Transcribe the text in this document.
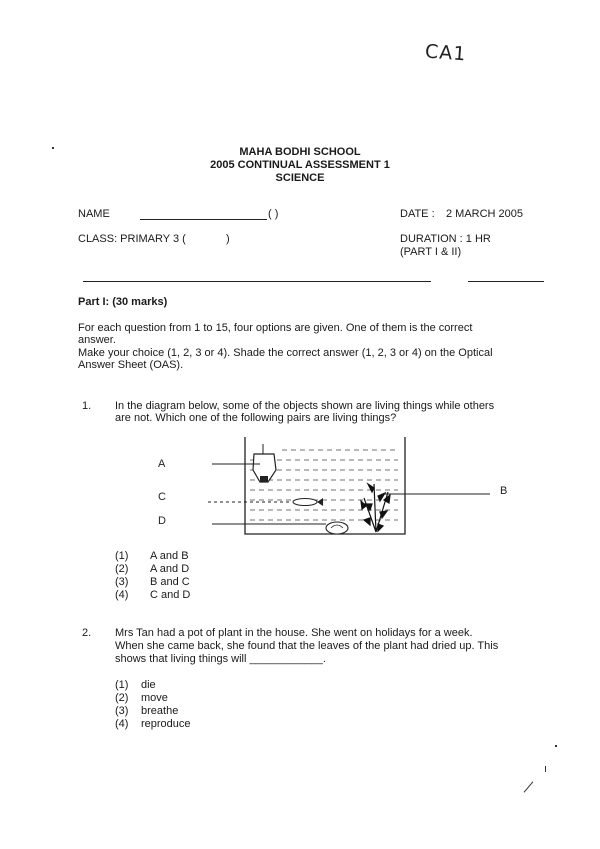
CA1
MAHA BODHI SCHOOL
2005 CONTINUAL ASSESSMENT 1
SCIENCE
NAME	( )	DATE : 2 MARCH 2005
CLASS: PRIMARY 3 (	)	DURATION : 1 HR
(PART I & II)
Part I: (30 marks)
For each question from 1 to 15, four options are given. One of them is the correct
answer.
Make your choice (1, 2, 3 or 4). Shade the correct answer (1, 2, 3 or 4) on the Optical
Answer Sheet (OAS).
1. In the diagram below, some of the objects shown are living things while others
are not. Which one of the following pairs are living things?
A
C
D
B
(1) A and B
(2) A and D
(3) B and C
(4) C and D
2. Mrs Tan had a pot of plant in the house. She went on holidays for a week.
When she came back, she found that the leaves of the plant had dried up. This
shows that living things will ____________.
(1) die
(2) move
(3) breathe
(4) reproduce
